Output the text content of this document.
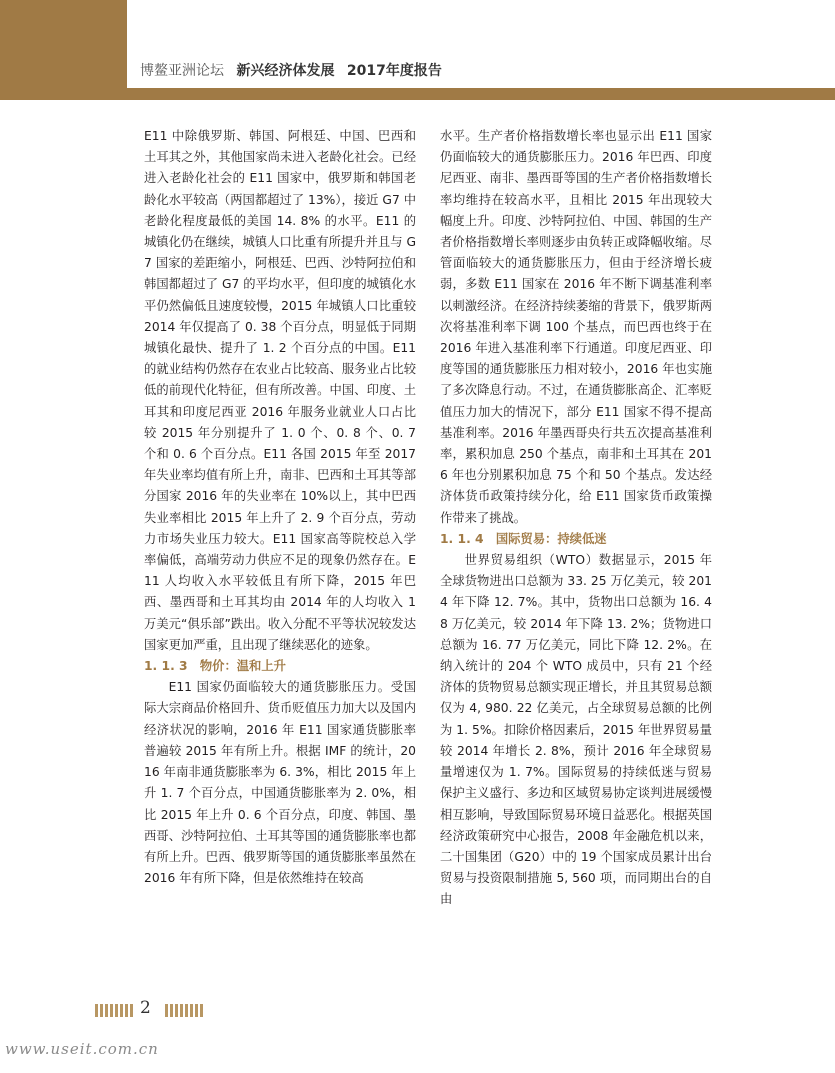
博鳌亚洲论坛 新兴经济体发展 2017年度报告

E11 中除俄罗斯、韩国、阿根廷、中国、巴西和土耳其之外，其他国家尚未进入老龄化社会。已经进入老龄化社会的 E11 国家中，俄罗斯和韩国老龄化水平较高（两国都超过了 13%），接近 G7 中老龄化程度最低的美国 14. 8% 的水平。E11 的城镇化仍在继续，城镇人口比重有所提升并且与 G7 国家的差距缩小，阿根廷、巴西、沙特阿拉伯和韩国都超过了 G7 的平均水平，但印度的城镇化水平仍然偏低且速度较慢，2015 年城镇人口比重较 2014 年仅提高了 0. 38 个百分点，明显低于同期城镇化最快、提升了 1. 2 个百分点的中国。E11 的就业结构仍然存在农业占比较高、服务业占比较低的前现代化特征，但有所改善。中国、印度、土耳其和印度尼西亚 2016 年服务业就业人口占比较 2015 年分别提升了 1. 0 个、0. 8 个、0. 7 个和 0. 6 个百分点。E11 各国 2015 年至 2017 年失业率均值有所上升，南非、巴西和土耳其等部分国家 2016 年的失业率在 10%以上，其中巴西失业率相比 2015 年上升了 2. 9 个百分点，劳动力市场失业压力较大。E11 国家高等院校总入学率偏低，高端劳动力供应不足的现象仍然存在。E11 人均收入水平较低且有所下降，2015 年巴西、墨西哥和土耳其均由 2014 年的人均收入 1 万美元“俱乐部”跌出。收入分配不平等状况较发达国家更加严重，且出现了继续恶化的迹象。

1. 1. 3　物价：温和上升

E11 国家仍面临较大的通货膨胀压力。受国际大宗商品价格回升、货币贬值压力加大以及国内经济状况的影响，2016 年 E11 国家通货膨胀率普遍较 2015 年有所上升。根据 IMF 的统计，2016 年南非通货膨胀率为 6. 3%，相比 2015 年上升 1. 7 个百分点，中国通货膨胀率为 2. 0%，相比 2015 年上升 0. 6 个百分点，印度、韩国、墨西哥、沙特阿拉伯、土耳其等国的通货膨胀率也都有所上升。巴西、俄罗斯等国的通货膨胀率虽然在 2016 年有所下降，但是依然维持在较高

水平。生产者价格指数增长率也显示出 E11 国家仍面临较大的通货膨胀压力。2016 年巴西、印度尼西亚、南非、墨西哥等国的生产者价格指数增长率均维持在较高水平，且相比 2015 年出现较大幅度上升。印度、沙特阿拉伯、中国、韩国的生产者价格指数增长率则逐步由负转正或降幅收缩。尽管面临较大的通货膨胀压力，但由于经济增长疲弱，多数 E11 国家在 2016 年不断下调基准利率以刺激经济。在经济持续萎缩的背景下，俄罗斯两次将基准利率下调 100 个基点，而巴西也终于在 2016 年进入基准利率下行通道。印度尼西亚、印度等国的通货膨胀压力相对较小，2016 年也实施了多次降息行动。不过，在通货膨胀高企、汇率贬值压力加大的情况下，部分 E11 国家不得不提高基准利率。2016 年墨西哥央行共五次提高基准利率，累积加息 250 个基点，南非和土耳其在 2016 年也分别累积加息 75 个和 50 个基点。发达经济体货币政策持续分化，给 E11 国家货币政策操作带来了挑战。

1. 1. 4　国际贸易：持续低迷

世界贸易组织（WTO）数据显示，2015 年全球货物进出口总额为 33. 25 万亿美元，较 2014 年下降 12. 7%。其中，货物出口总额为 16. 48 万亿美元，较 2014 年下降 13. 2%；货物进口总额为 16. 77 万亿美元，同比下降 12. 2%。在纳入统计的 204 个 WTO 成员中，只有 21 个经济体的货物贸易总额实现正增长，并且其贸易总额仅为 4, 980. 22 亿美元，占全球贸易总额的比例为 1. 5%。扣除价格因素后，2015 年世界贸易量较 2014 年增长 2. 8%，预计 2016 年全球贸易量增速仅为 1. 7%。国际贸易的持续低迷与贸易保护主义盛行、多边和区域贸易协定谈判进展缓慢相互影响，导致国际贸易环境日益恶化。根据英国经济政策研究中心报告，2008 年金融危机以来，二十国集团（G20）中的 19 个国家成员累计出台贸易与投资限制措施 5, 560 项，而同期出台的自由

2
www.useit.com.cn
